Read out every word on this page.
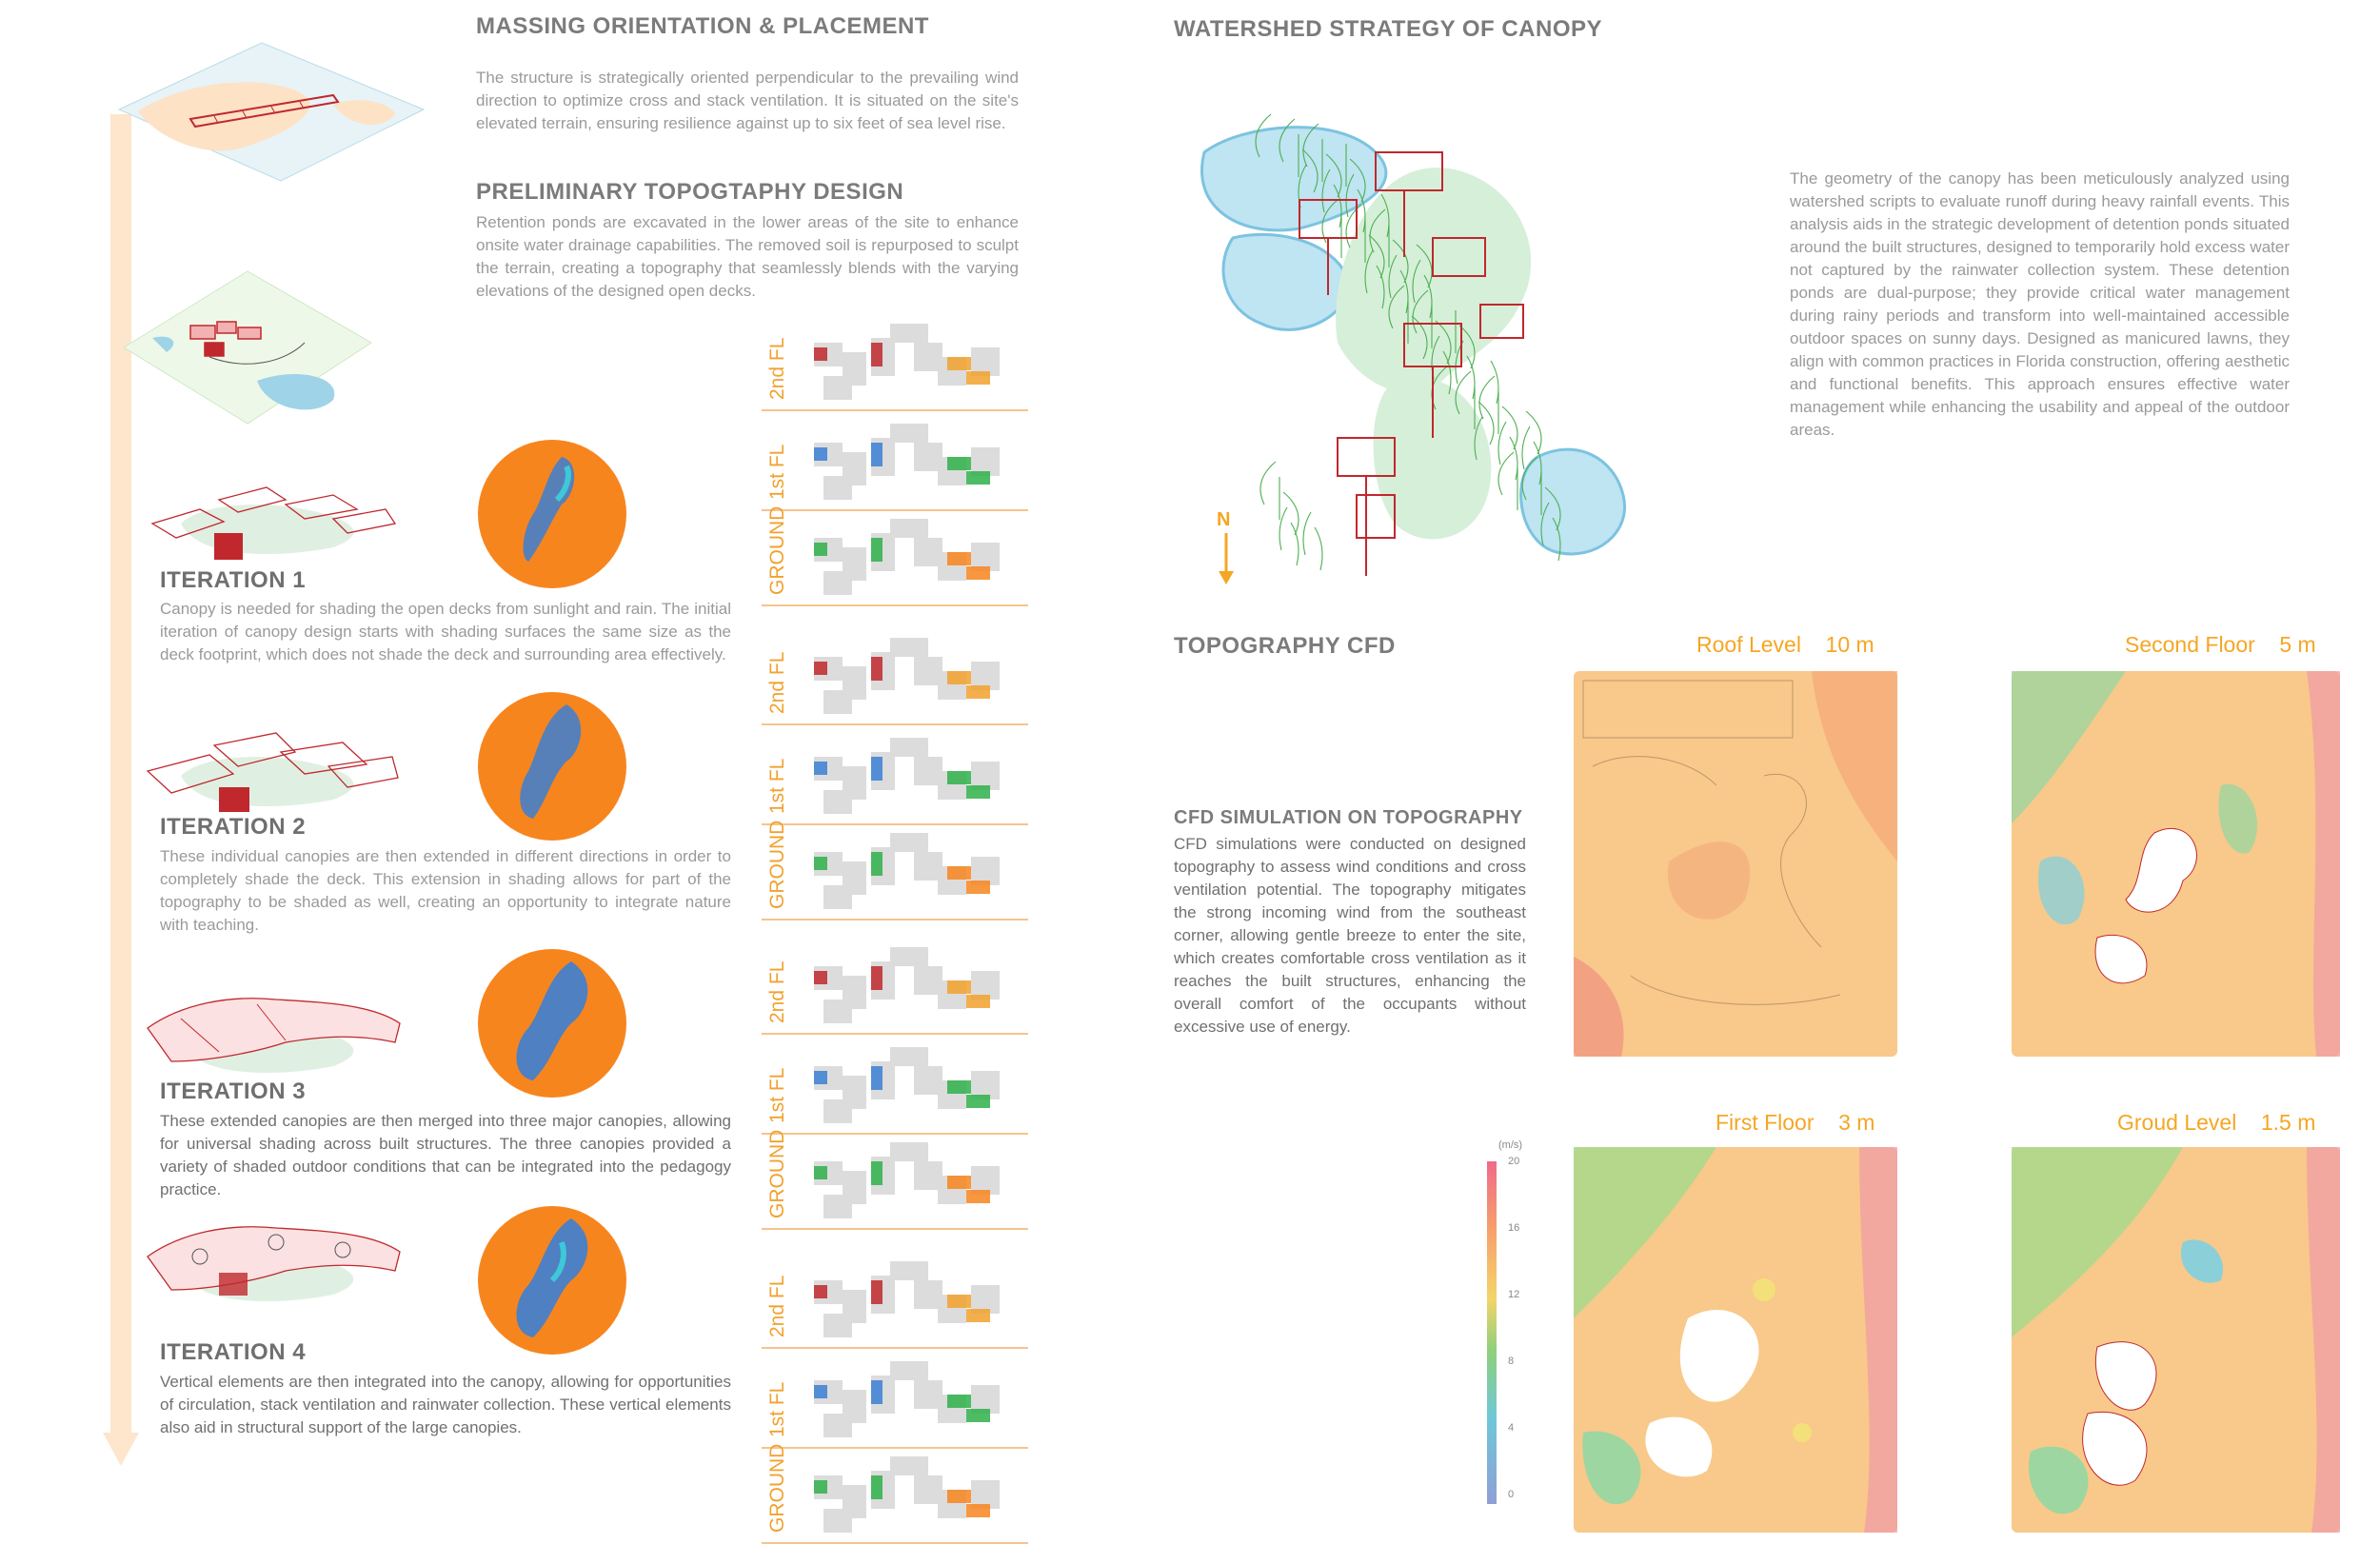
MASSING ORIENTATION & PLACEMENT
The structure is strategically oriented perpendicular to the prevailing wind direction to optimize cross and stack ventilation. It is situated on the site's elevated terrain, ensuring resilience against up to six feet of sea level rise.
PRELIMINARY TOPOGTAPHY DESIGN
Retention ponds are excavated in the lower areas of the site to enhance onsite water drainage capabilities. The removed soil is repurposed to sculpt the terrain, creating a topography that seamlessly blends with the varying elevations of the designed open decks.
ITERATION 1
Canopy is needed for shading the open decks from sunlight and rain. The initial iteration of canopy design starts with shading surfaces the same size as the deck footprint, which does not shade the deck and surrounding area effectively.
ITERATION 2
These individual canopies are then extended in different directions in order to completely shade the deck. This extension in shading allows for part of the topography to be shaded as well, creating an opportunity to integrate nature with teaching.
ITERATION 3
These extended canopies are then merged into three major canopies, allowing for universal shading across built structures. The three canopies provided a variety of shaded outdoor conditions that can be integrated into the pedagogy practice.
ITERATION 4
Vertical elements are then integrated into the canopy, allowing for opportunities of circulation, stack ventilation and rainwater collection. These vertical elements also aid in structural support of the large canopies.
2nd FL
1st FL
GROUND
2nd FL
1st FL
GROUND
2nd FL
1st FL
GROUND
2nd FL
1st FL
GROUND
WATERSHED STRATEGY OF CANOPY
N
The geometry of the canopy has been meticulously analyzed using watershed scripts to evaluate runoff during heavy rainfall events. This analysis aids in the strategic development of detention ponds situated around the built structures, designed to temporarily hold excess water not captured by the rainwater collection system. These detention ponds are dual-purpose; they provide critical water management during rainy periods and transform into well-maintained accessible outdoor spaces on sunny days. Designed as manicured lawns, they align with common practices in Florida construction, offering aesthetic and functional benefits. This approach ensures effective water management while enhancing the usability and appeal of the outdoor areas.
TOPOGRAPHY CFD
CFD SIMULATION ON TOPOGRAPHY
CFD simulations were conducted on designed topography to assess wind conditions and cross ventilation potential. The topography mitigates the strong incoming wind from the southeast corner, allowing gentle breeze to enter the site, which creates comfortable cross ventilation as it reaches the built structures, enhancing the overall comfort of the occupants without excessive use of energy.
Roof Level 10 m	Second Floor 5 m
First Floor 3 m	Groud Level 1.5 m
(m/s)
20
16
12
8
4
0
